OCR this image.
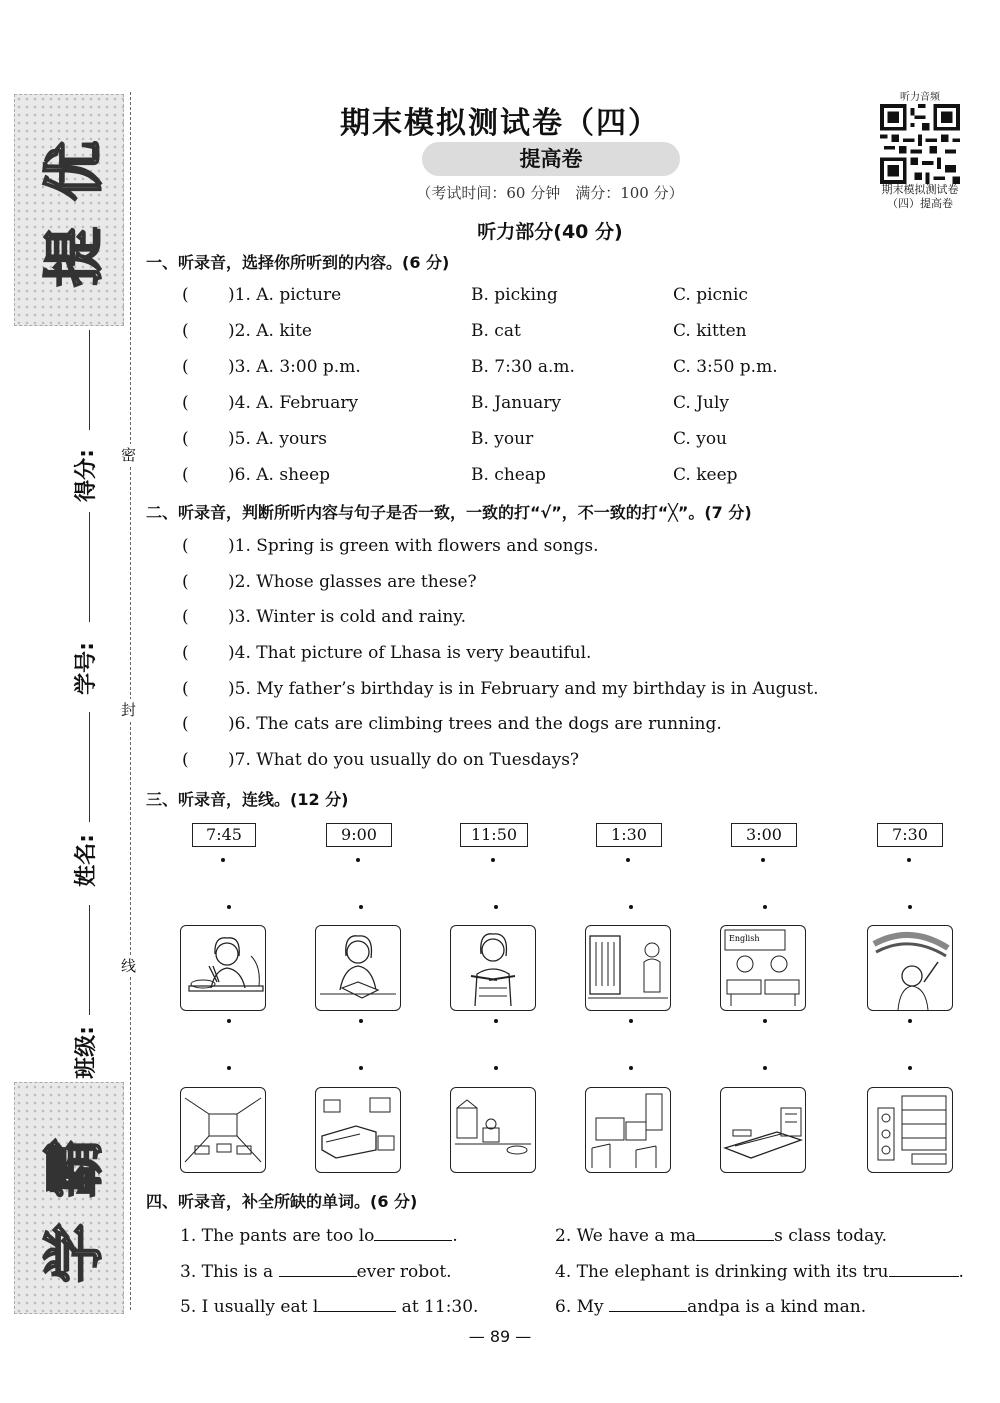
提
优
学
霸
得分:
学号:
姓名:
班级:
密
封
线
期末模拟测试卷（四）
提高卷
（考试时间：60 分钟　满分：100 分）
听力音频
期末模拟测试卷
（四）提高卷
听力部分(40 分)
一、听录音，选择你所听到的内容。(6 分)
( )1. A. picture	B. picking	C. picnic
( )2. A. kite	B. cat	C. kitten
( )3. A. 3:00 p.m.	B. 7:30 a.m.	C. 3:50 p.m.
( )4. A. February	B. January	C. July
( )5. A. yours	B. your	C. you
( )6. A. sheep	B. cheap	C. keep
二、听录音，判断所听内容与句子是否一致，一致的打“√”，不一致的打“╳”。(7 分)
( )1. Spring is green with flowers and songs.
( )2. Whose glasses are these?
( )3. Winter is cold and rainy.
( )4. That picture of Lhasa is very beautiful.
( )5. My father’s birthday is in February and my birthday is in August.
( )6. The cats are climbing trees and the dogs are running.
( )7. What do you usually do on Tuesdays?
三、听录音，连线。(12 分)
7:45	9:00	11:50	1:30	3:00	7:30
English
四、听录音，补全所缺的单词。(6 分)
1. The pants are too lo	.	2. We have a ma	s class today.
3. This is a	ever robot.	4. The elephant is drinking with its tru	.
5. I usually eat l	at 11:30.	6. My	andpa is a kind man.
— 89 —
